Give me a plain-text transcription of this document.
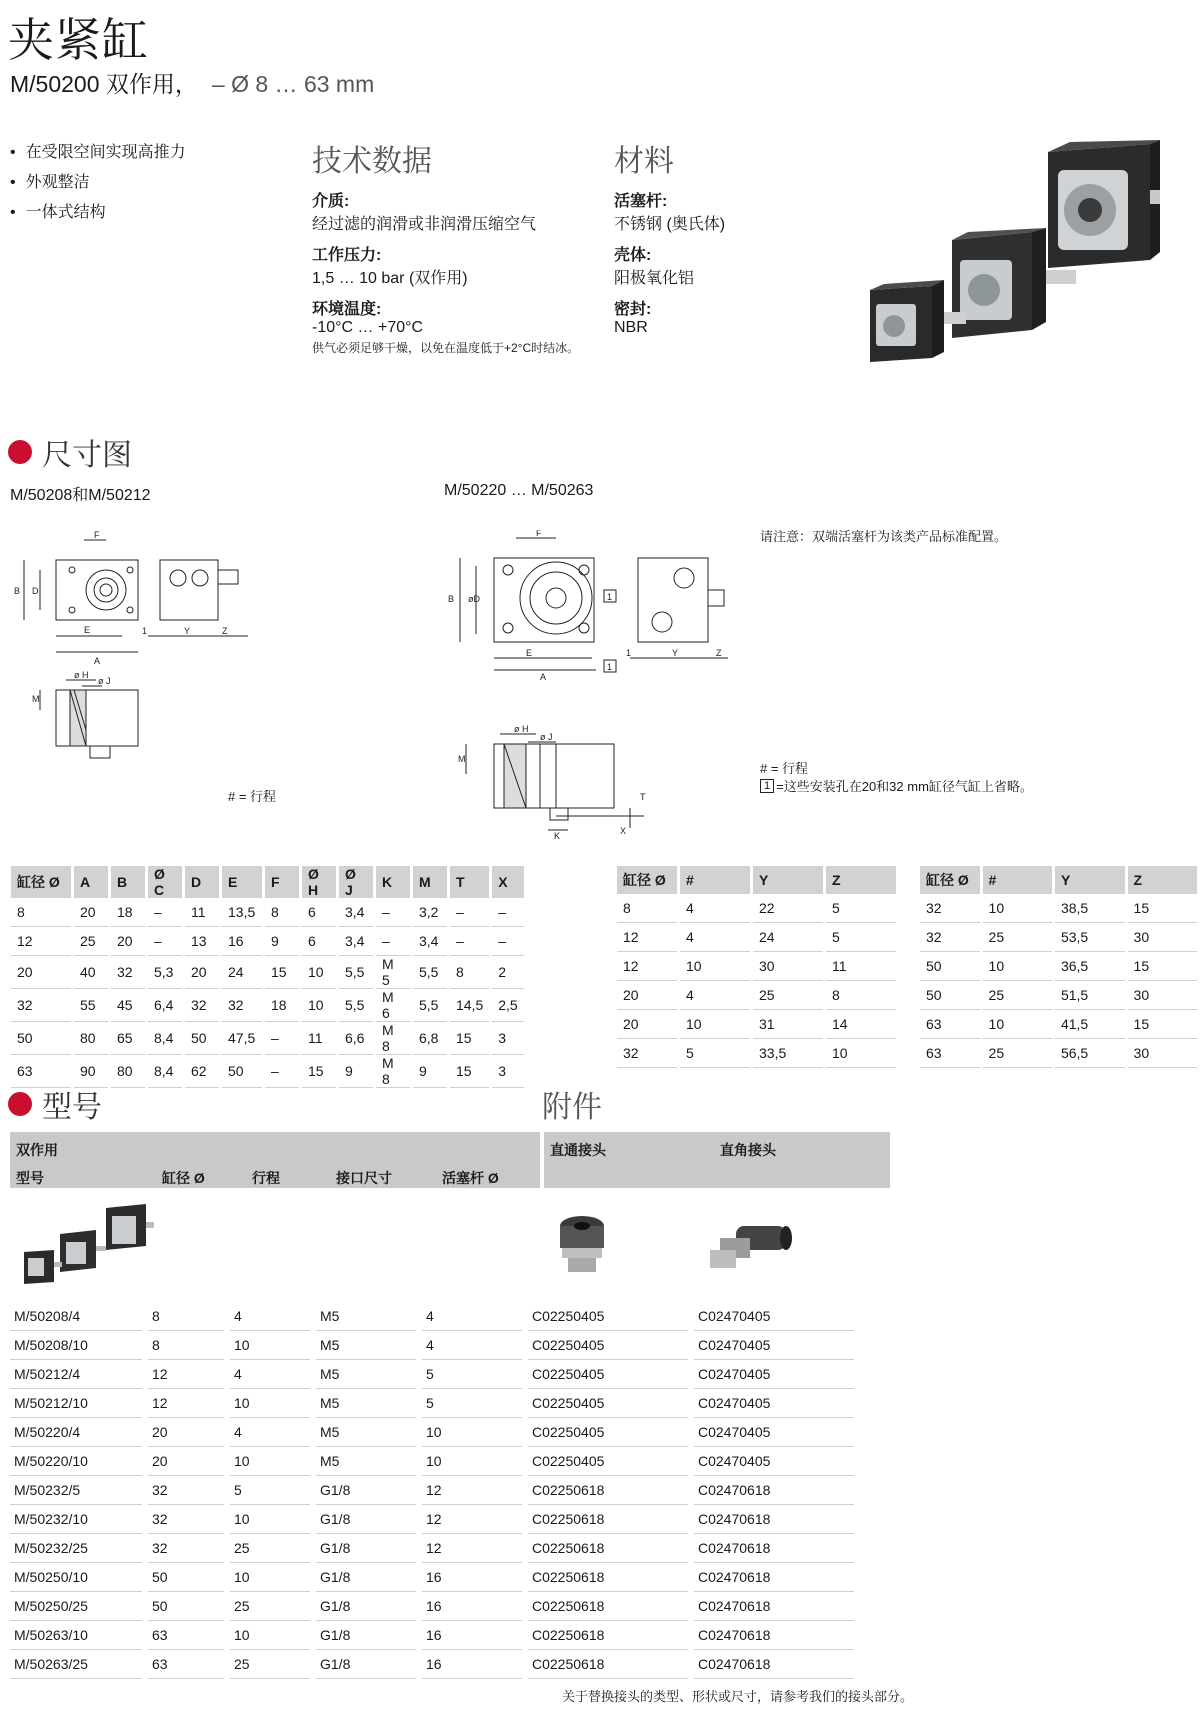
夹紧缸
M/50200 双作用， – Ø 8 … 63 mm
• 在受限空间实现高推力
• 外观整洁
• 一体式结构
技术数据
介质:
经过滤的润滑或非润滑压缩空气
工作压力:
1,5 … 10 bar (双作用)
环境温度:
-10°C … +70°C
供气必须足够干燥，以免在温度低于+2°C时结冰。
材料
活塞杆:
不锈钢 (奥氏体)
壳体:
阳极氧化铝
密封:
NBR
尺寸图
M/50208和M/50212	M/50220 … M/50263
请注意：双端活塞杆为该类产品标准配置。
F
B D
E
A
1	Y	Z
ø H
ø J
M
# = 行程
1
1
F
B øD
E
A
1	Y	Z
ø H
ø J
M
T
X
K
# = 行程
1 =这些安装孔在20和32 mm缸径气缸上省略。
缸径 Ø	A	B	Ø C	D	E	F	Ø H	Ø J	K	M	T	X
8	20	18	–	11	13,5	8	6	3,4	–	3,2	–	–
12	25	20	–	13	16	9	6	3,4	–	3,4	–	–
20	40	32	5,3	20	24	15	10	5,5	M 5	5,5	8	2
32	55	45	6,4	32	32	18	10	5,5	M 6	5,5	14,5	2,5
50	80	65	8,4	50	47,5	–	11	6,6	M 8	6,8	15	3
63	90	80	8,4	62	50	–	15	9	M 8	9	15	3
缸径 Ø	#	Y	Z
8	4	22	5
12	4	24	5
12	10	30	11
20	4	25	8
20	10	31	14
32	5	33,5	10
缸径 Ø	#	Y	Z
32	10	38,5	15
32	25	53,5	30
50	10	36,5	15
50	25	51,5	30
63	10	41,5	15
63	25	56,5	30
型号	附件
双作用
型号	缸径 Ø	行程	接口尺寸	活塞杆 Ø
直通接头	直角接头
M/50208/4	8	4	M5	4	C02250405	C02470405
M/50208/10	8	10	M5	4	C02250405	C02470405
M/50212/4	12	4	M5	5	C02250405	C02470405
M/50212/10	12	10	M5	5	C02250405	C02470405
M/50220/4	20	4	M5	10	C02250405	C02470405
M/50220/10	20	10	M5	10	C02250405	C02470405
M/50232/5	32	5	G1/8	12	C02250618	C02470618
M/50232/10	32	10	G1/8	12	C02250618	C02470618
M/50232/25	32	25	G1/8	12	C02250618	C02470618
M/50250/10	50	10	G1/8	16	C02250618	C02470618
M/50250/25	50	25	G1/8	16	C02250618	C02470618
M/50263/10	63	10	G1/8	16	C02250618	C02470618
M/50263/25	63	25	G1/8	16	C02250618	C02470618
关于替换接头的类型、形状或尺寸，请参考我们的接头部分。
